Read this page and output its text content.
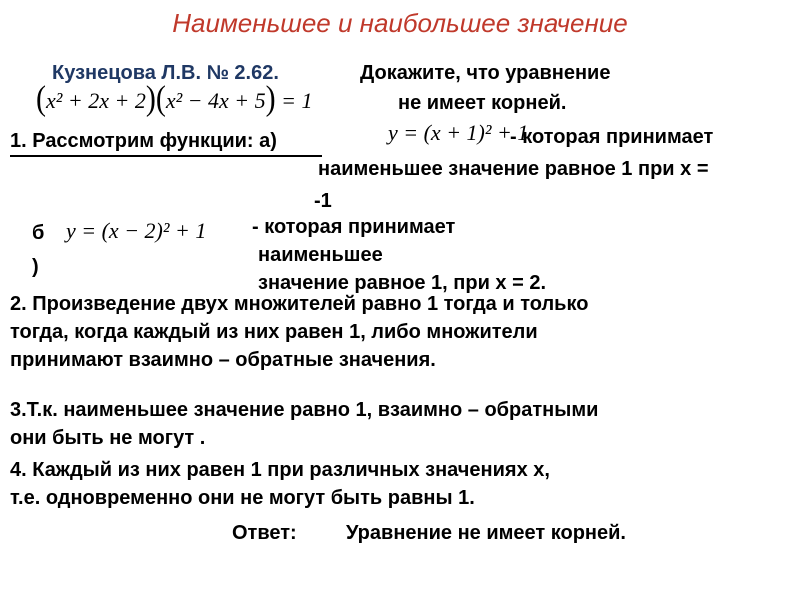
Наименьшее и наибольшее значение
Кузнецова Л.В. № 2.62.	Докажите, что уравнение
не имеет корней.
(x² + 2x + 2)(x² − 4x + 5) = 1
1. Рассмотрим функции: а)	y = (x + 1)² + 1
- которая принимает
наименьшее значение равное 1 при х =
-1
б
)
y = (x − 2)² + 1 - которая принимает
наименьшее
значение равное 1, при х = 2.
2. Произведение двух множителей равно 1 тогда и только
тогда, когда каждый из них равен 1, либо множители
принимают взаимно – обратные значения.
3.Т.к. наименьшее значение равно 1, взаимно – обратными
они быть не могут .
4. Каждый из них равен 1 при различных значениях х,
т.е. одновременно они не могут быть равны 1.
Ответ: Уравнение не имеет корней.
